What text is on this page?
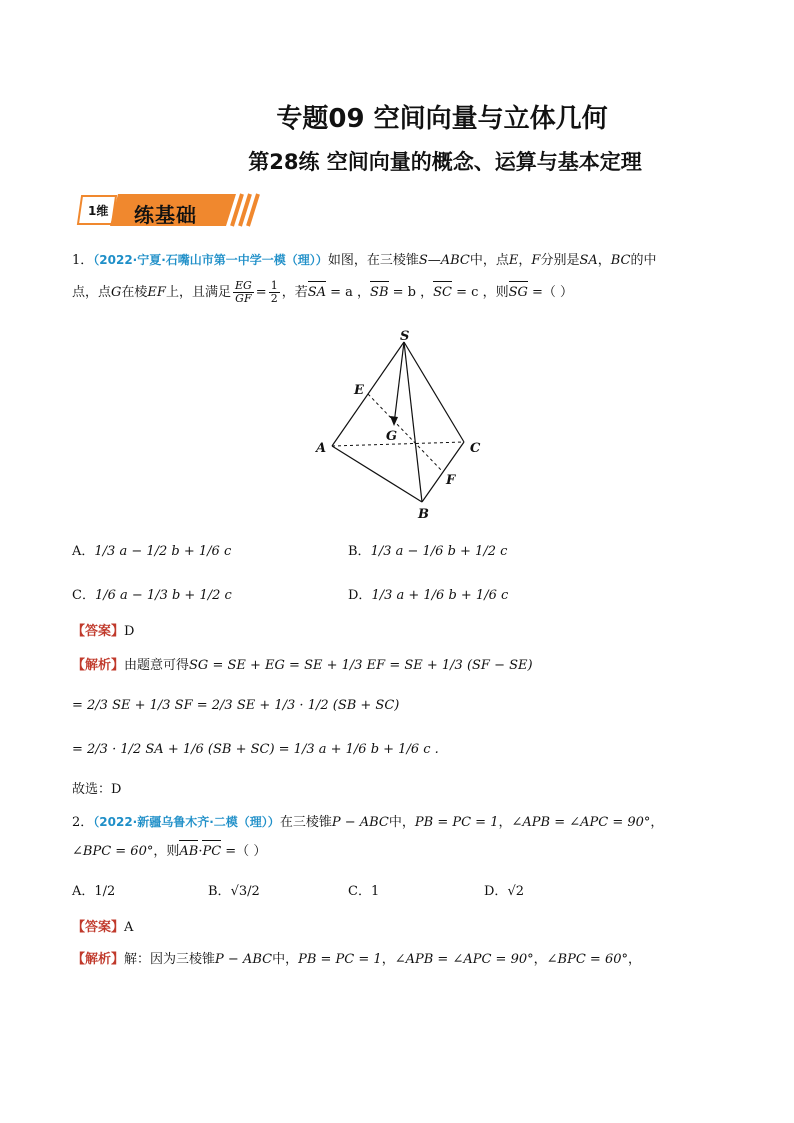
专题09 空间向量与立体几何
第28练 空间向量的概念、运算与基本定理
1维 练基础
1．（2022·宁夏·石嘴山市第一中学一模（理））如图，在三棱锥S—ABC中，点E，F分别是SA，BC的中
点，点G在棱EF上，且满足 $\frac{EG}{GF} = \frac{1}{2}$ ，若SA = a ，SB = b ，SC = c ，则SG =（ ）
S
E
G
A	C
F
B
A．1/3 a − 1/2 b + 1/6 c	B．1/3 a − 1/6 b + 1/2 c
C．1/6 a − 1/3 b + 1/2 c	D．1/3 a + 1/6 b + 1/6 c
【答案】D
【解析】由题意可得SG = SE + EG = SE + 1/3 EF = SE + 1/3 (SF − SE)
= 2/3 SE + 1/3 SF = 2/3 SE + 1/3 · 1/2 (SB + SC)
= 2/3 · 1/2 SA + 1/6 (SB + SC) = 1/3 a + 1/6 b + 1/6 c .
故选：D
2．（2022·新疆乌鲁木齐·二模（理））在三棱锥P − ABC中，PB = PC = 1，∠APB = ∠APC = 90°，
∠BPC = 60°，则AB·PC =（ ）
A．1/2	B．√3/2	C．1	D．√2
【答案】A
【解析】解：因为三棱锥P − ABC中，PB = PC = 1，∠APB = ∠APC = 90°，∠BPC = 60°，
